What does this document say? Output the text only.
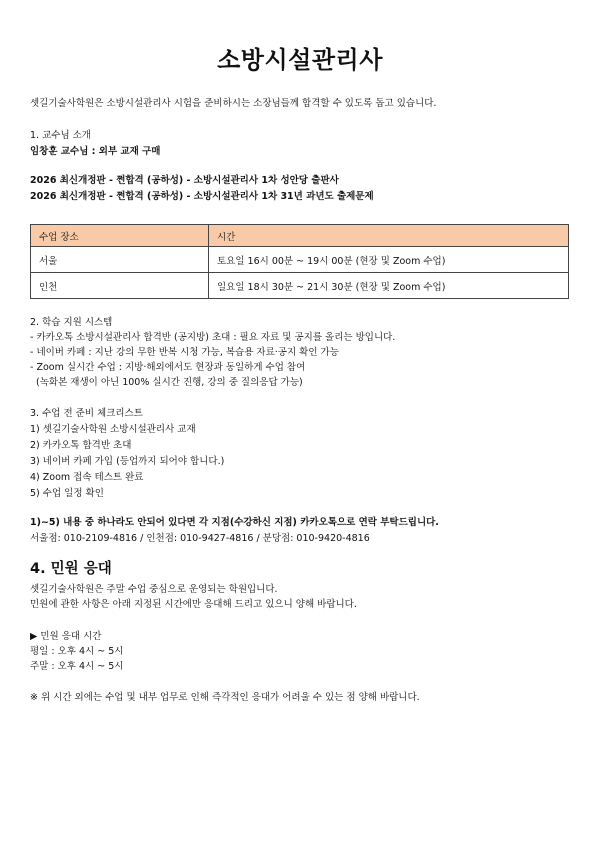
소방시설관리사
셋길기술사학원은 소방시설관리사 시험을 준비하시는 소장님들께 합격할 수 있도록 돕고 있습니다.
1. 교수님 소개
임창훈 교수님 : 외부 교재 구매
2026 최신개정판 - 쩐합격 (공하성) - 소방시설관리사 1차 성안당 출판사
2026 최신개정판 - 쩐합격 (공하성) - 소방시설관리사 1차 31년 과년도 출제문제
수업 장소	시간
서울	토요일 16시 00분 ~ 19시 00분 (현장 및 Zoom 수업)
인천	일요일 18시 30분 ~ 21시 30분 (현장 및 Zoom 수업)
2. 학습 지원 시스템
- 카카오톡 소방시설관리사 합격반 (공지방) 초대 : 필요 자료 및 공지를 올리는 방입니다.
- 네이버 카페 : 지난 강의 무한 반복 시청 가능, 복습용 자료·공지 확인 가능
- Zoom 실시간 수업 : 지방·해외에서도 현장과 동일하게 수업 참여
(녹화본 재생이 아닌 100% 실시간 진행, 강의 중 질의응답 가능)
3. 수업 전 준비 체크리스트
1) 셋길기술사학원 소방시설관리사 교재
2) 카카오톡 합격반 초대
3) 네이버 카페 가입 (등업까지 되어야 합니다.)
4) Zoom 접속 테스트 완료
5) 수업 일정 확인
1)~5) 내용 중 하나라도 안되어 있다면 각 지점(수강하신 지점) 카카오톡으로 연락 부탁드립니다.
서울점: 010-2109-4816 / 인천점: 010-9427-4816 / 분당점: 010-9420-4816
4. 민원 응대
셋길기술사학원은 주말 수업 중심으로 운영되는 학원입니다.
민원에 관한 사항은 아래 지정된 시간에만 응대해 드리고 있으니 양해 바랍니다.
▶ 민원 응대 시간
평일 : 오후 4시 ~ 5시
주말 : 오후 4시 ~ 5시
※ 위 시간 외에는 수업 및 내부 업무로 인해 즉각적인 응대가 어려울 수 있는 점 양해 바랍니다.
